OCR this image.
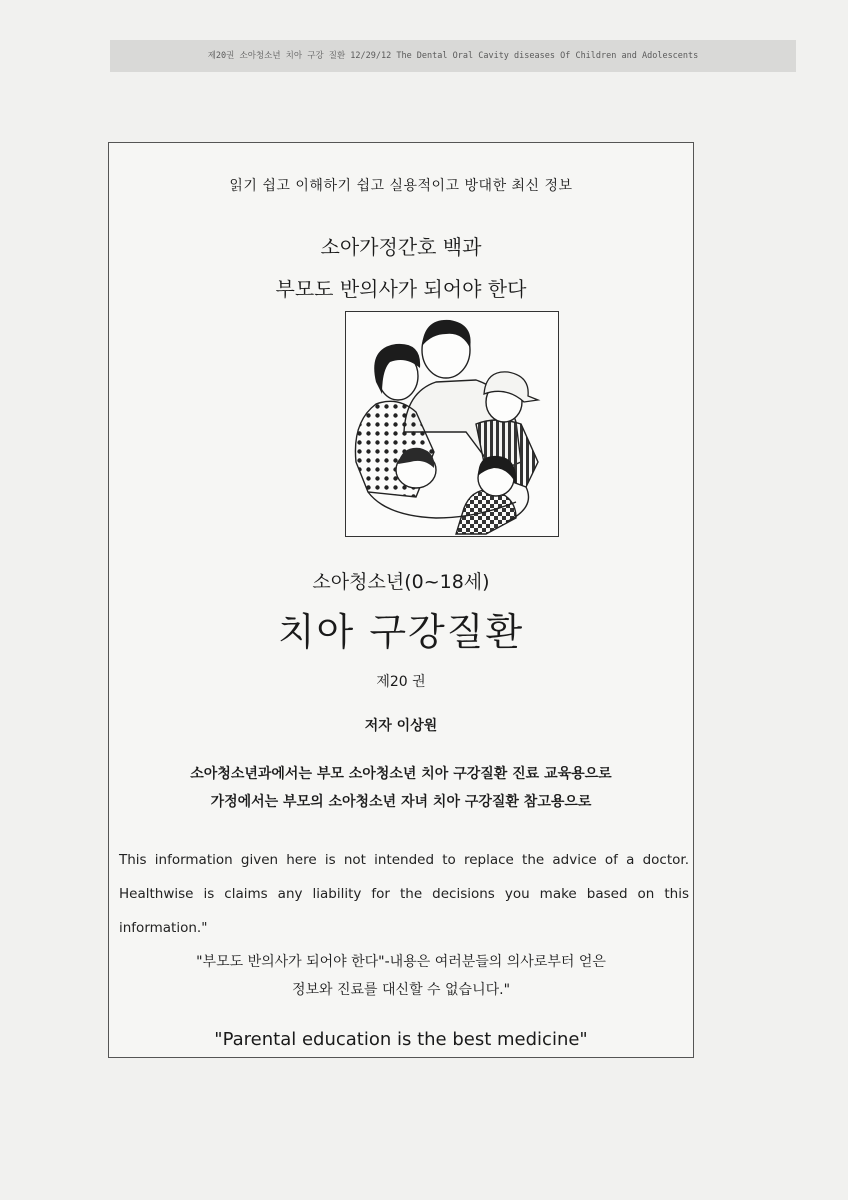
제20권 소아청소년 치아 구강 질환 12/29/12 The Dental Oral Cavity diseases Of Children and Adolescents
읽기 쉽고 이해하기 쉽고 실용적이고 방대한 최신 정보
소아가정간호 백과
부모도 반의사가 되어야 한다
소아청소년(0~18세)
치아 구강질환
제20 권
저자 이상원
소아청소년과에서는 부모 소아청소년 치아 구강질환 진료 교육용으로
가정에서는 부모의 소아청소년 자녀 치아 구강질환 참고용으로
This information given here is not intended to replace the advice of a doctor. Healthwise is claims any liability for the decisions you make based on this information."
"부모도 반의사가 되어야 한다"-내용은 여러분들의 의사로부터 얻은
정보와 진료를 대신할 수 없습니다."
"Parental education is the best medicine"
